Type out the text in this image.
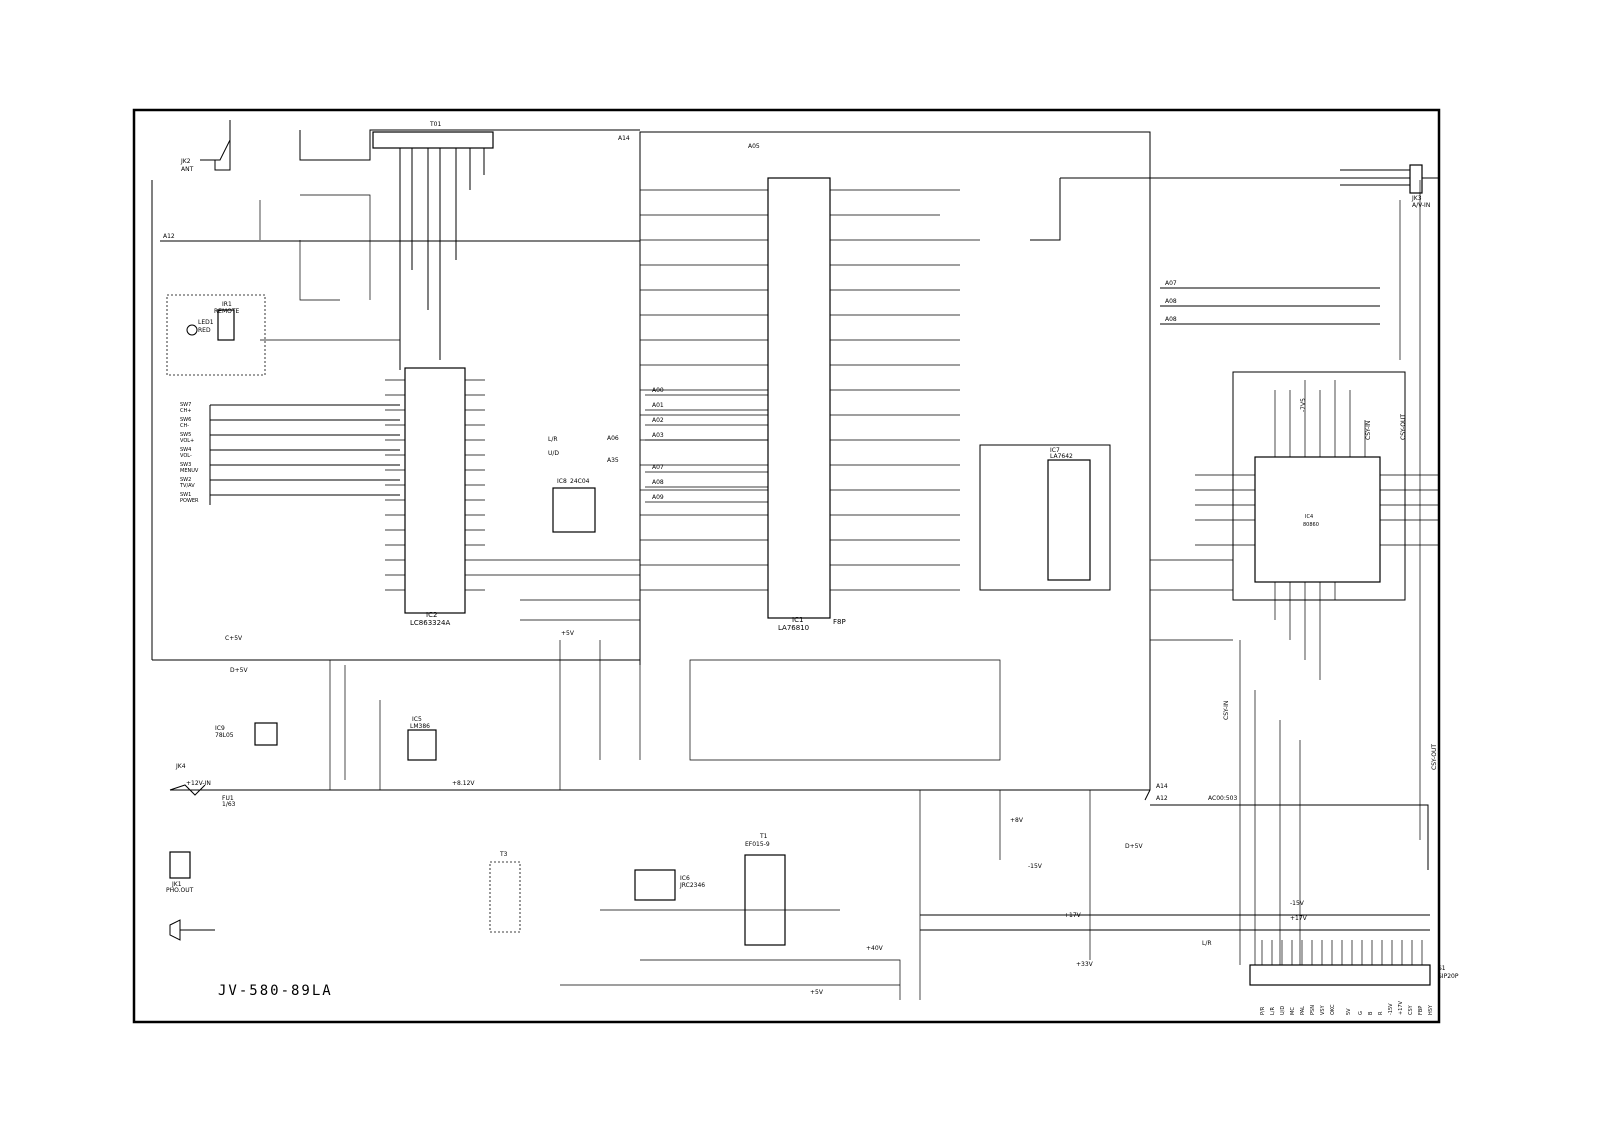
A14
A12
A05
T01
JK2
ANT
LC863324A
IC2
IC8 24C04
LA76810
IC1	F8P
IC7
LA7642
IC4
80860
-7V5
CSY-IN	CSY-OUT
A07
A08
A08
JK3
A/V-IN
A00
A01
A02
A03
A06
A07
A08
A09
A35
IR1
REMOTE
LED1
RED
SW7
CH+
SW6
CH-
SW5
VOL+
SW4
VOL-
SW3
MENUV
SW2
TV/AV
SW1
POWER
IC5
LM386
IC9
78L05
IC6
JRC2346
T1
EF015-9
T3
A14
A12	AC00:503
+8.12V
+5V
C+5V
D+5V
+8V
-15V
-15V
+17V
+17V
+40V
+33V
+5V
D+5V
JK4
+12V-IN
FU1
1/63
JK1
PHO.OUT
S1
SIP20P
P/R L/R U/D MC PAL PSN VSY OKC 5V G B R -15V +17V CSY FBP HSY
CSY-IN
CSY-OUT
L/R
U/D
L/R
JV-580-89LA
